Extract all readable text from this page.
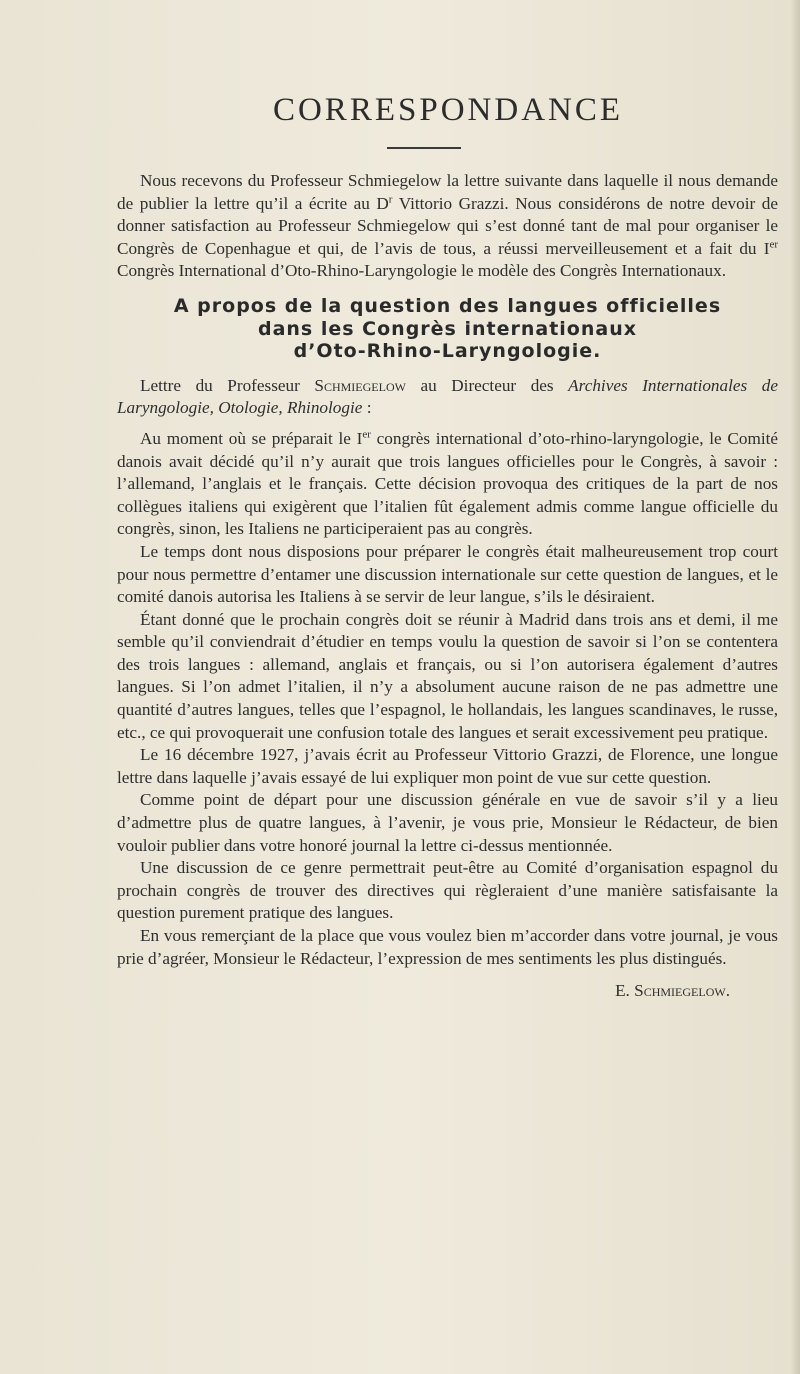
CORRESPONDANCE

Nous recevons du Professeur Schmiegelow la lettre suivante dans laquelle il nous demande de publier la lettre qu’il a écrite au D$^r$ Vittorio Grazzi. Nous considérons de notre devoir de donner satisfaction au Professeur Schmiegelow qui s’est donné tant de mal pour organiser le Congrès de Copenhague et qui, de l’avis de tous, a réussi merveilleusement et a fait du Ier Congrès International d’Oto-Rhino-Laryngologie le modèle des Congrès Internationaux.

A propos de la question des langues officielles
dans les Congrès internationaux
d’Oto-Rhino-Laryngologie.

Lettre du Professeur Schmiegelow au Directeur des Archives Internationales de Laryngologie, Otologie, Rhinologie :

Au moment où se préparait le Ier congrès international d’oto-rhino-laryngologie, le Comité danois avait décidé qu’il n’y aurait que trois langues officielles pour le Congrès, à savoir : l’allemand, l’anglais et le français. Cette décision provoqua des critiques de la part de nos collègues italiens qui exigèrent que l’italien fût également admis comme langue officielle du congrès, sinon, les Italiens ne participeraient pas au congrès.

Le temps dont nous disposions pour préparer le congrès était malheureusement trop court pour nous permettre d’entamer une discussion internationale sur cette question de langues, et le comité danois autorisa les Italiens à se servir de leur langue, s’ils le désiraient.

Étant donné que le prochain congrès doit se réunir à Madrid dans trois ans et demi, il me semble qu’il conviendrait d’étudier en temps voulu la question de savoir si l’on se contentera des trois langues : allemand, anglais et français, ou si l’on autorisera également d’autres langues. Si l’on admet l’italien, il n’y a absolument aucune raison de ne pas admettre une quantité d’autres langues, telles que l’espagnol, le hollandais, les langues scandinaves, le russe, etc., ce qui provoquerait une confusion totale des langues et serait excessivement peu pratique.

Le 16 décembre 1927, j’avais écrit au Professeur Vittorio Grazzi, de Florence, une longue lettre dans laquelle j’avais essayé de lui expliquer mon point de vue sur cette question.

Comme point de départ pour une discussion générale en vue de savoir s’il y a lieu d’admettre plus de quatre langues, à l’avenir, je vous prie, Monsieur le Rédacteur, de bien vouloir publier dans votre honoré journal la lettre ci-dessus mentionnée.

Une discussion de ce genre permettrait peut-être au Comité d’organisation espagnol du prochain congrès de trouver des directives qui règleraient d’une manière satisfaisante la question purement pratique des langues.

En vous remerçiant de la place que vous voulez bien m’accorder dans votre journal, je vous prie d’agréer, Monsieur le Rédacteur, l’expression de mes sentiments les plus distingués.

E. Schmiegelow.
